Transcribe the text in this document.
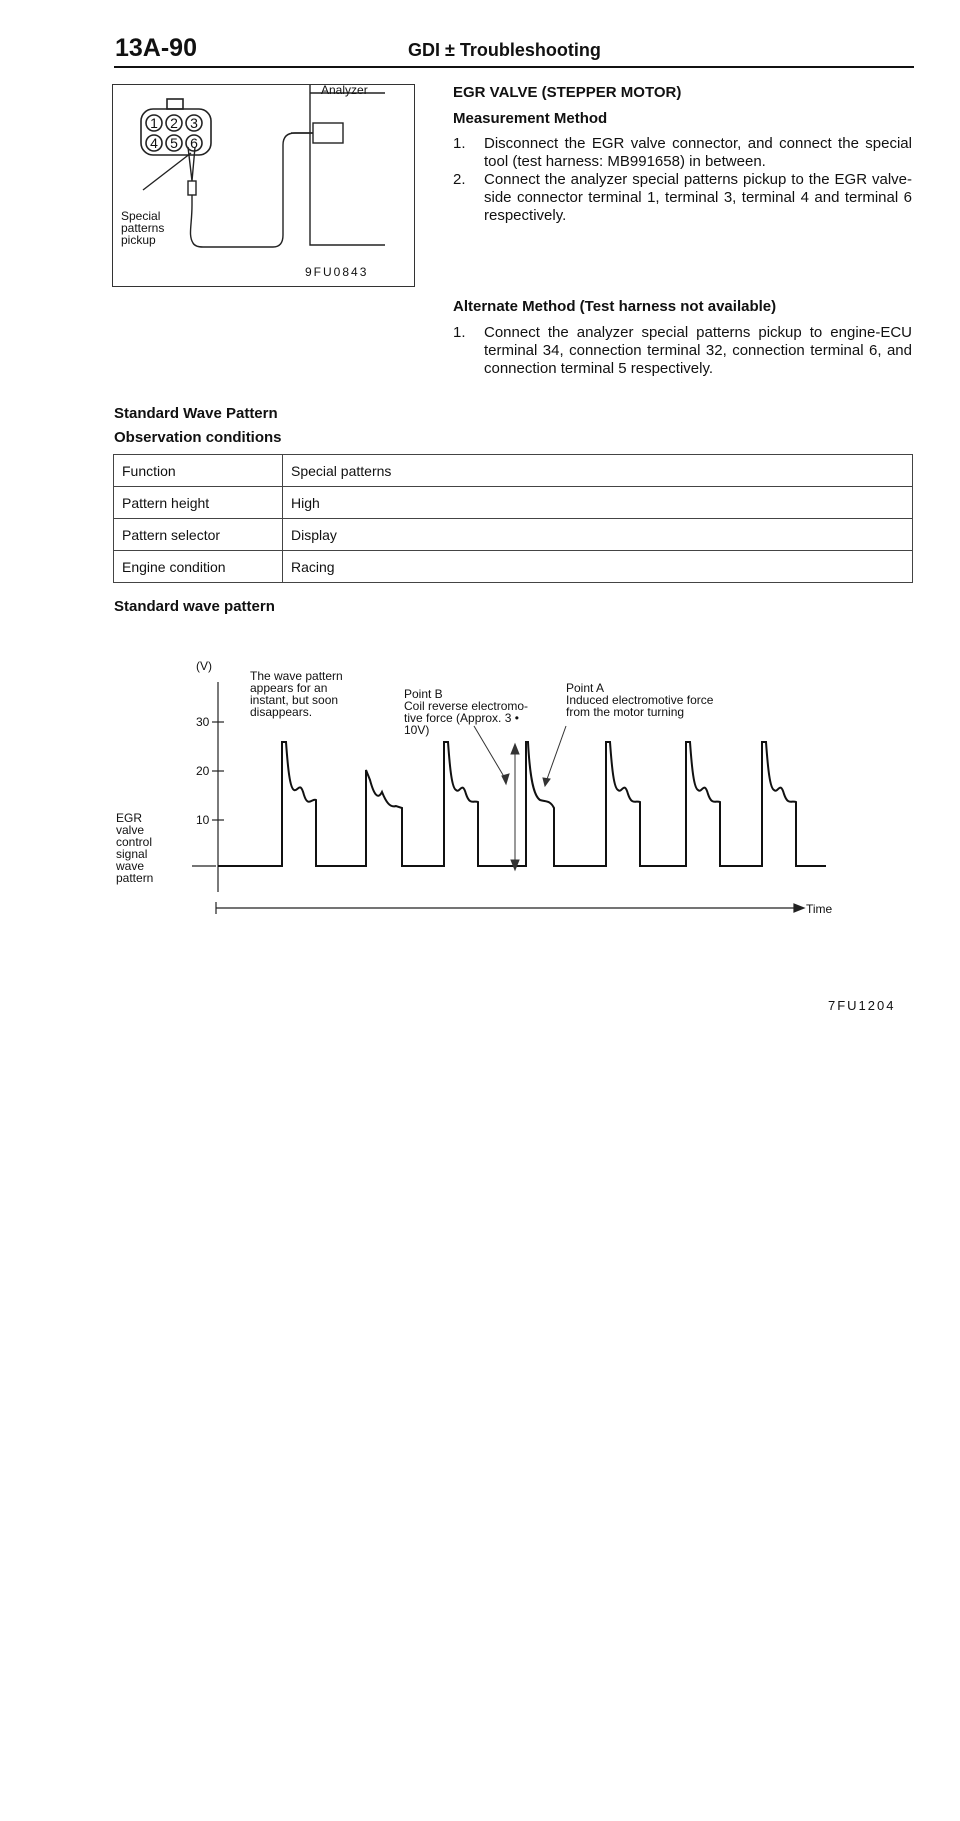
13A-90	GDI ± Troubleshooting
1 2 3
4 5 6
Analyzer
Special
patterns
pickup
9FU0843
EGR VALVE (STEPPER MOTOR)
Measurement Method
1. Disconnect the EGR valve connector, and connect the special tool (test harness: MB991658) in between.
2. Connect the analyzer special patterns pickup to the EGR valve-side connector terminal 1, terminal 3, terminal 4 and terminal 6 respectively.
Alternate Method (Test harness not available)
1. Connect the analyzer special patterns pickup to engine-ECU terminal 34, connection terminal 32, connection terminal 6, and connection terminal 5 respectively.
Standard Wave Pattern
Observation conditions
Function	Special patterns
Pattern height	High
Pattern selector	Display
Engine condition	Racing
Standard wave pattern
(V)
30
20
10
EGR
valve
control
signal
wave
pattern
The wave pattern
appears for an
instant, but soon
disappears.
Point B
Coil reverse electromo-
tive force (Approx. 3 •
10V)
Point A
Induced electromotive force
from the motor turning
Time
7FU1204
